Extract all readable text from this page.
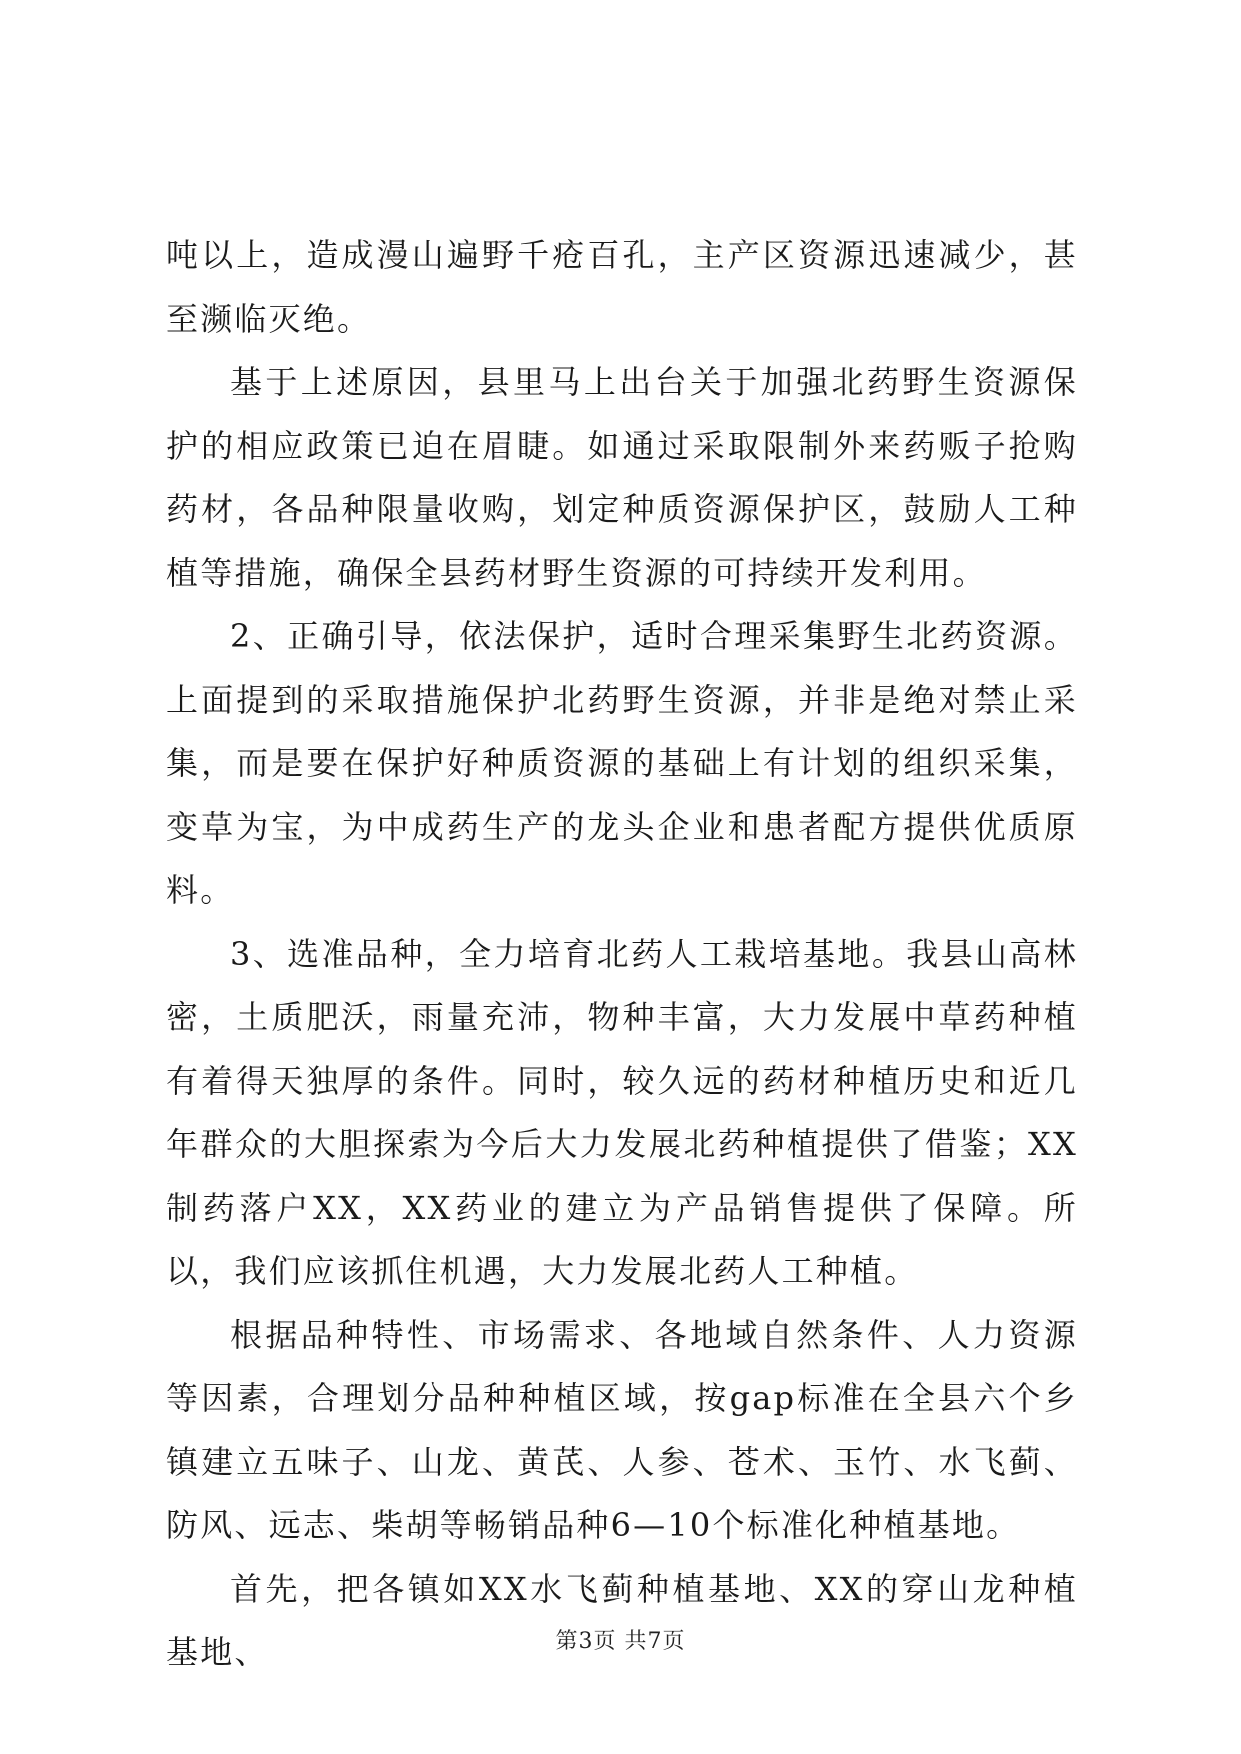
吨以上，造成漫山遍野千疮百孔，主产区资源迅速减少，甚至濒临灭绝。

基于上述原因，县里马上出台关于加强北药野生资源保护的相应政策已迫在眉睫。如通过采取限制外来药贩子抢购药材，各品种限量收购，划定种质资源保护区，鼓励人工种植等措施，确保全县药材野生资源的可持续开发利用。

2、正确引导，依法保护，适时合理采集野生北药资源。上面提到的采取措施保护北药野生资源，并非是绝对禁止采集，而是要在保护好种质资源的基础上有计划的组织采集，变草为宝，为中成药生产的龙头企业和患者配方提供优质原料。

3、选准品种，全力培育北药人工栽培基地。我县山高林密，土质肥沃，雨量充沛，物种丰富，大力发展中草药种植有着得天独厚的条件。同时，较久远的药材种植历史和近几年群众的大胆探索为今后大力发展北药种植提供了借鉴；XX制药落户XX，XX药业的建立为产品销售提供了保障。所以，我们应该抓住机遇，大力发展北药人工种植。

根据品种特性、市场需求、各地域自然条件、人力资源等因素，合理划分品种种植区域，按gap标准在全县六个乡镇建立五味子、山龙、黄芪、人参、苍术、玉竹、水飞蓟、防风、远志、柴胡等畅销品种6—10个标准化种植基地。

首先，把各镇如XX水飞蓟种植基地、XX的穿山龙种植基地、	第3页 共7页
